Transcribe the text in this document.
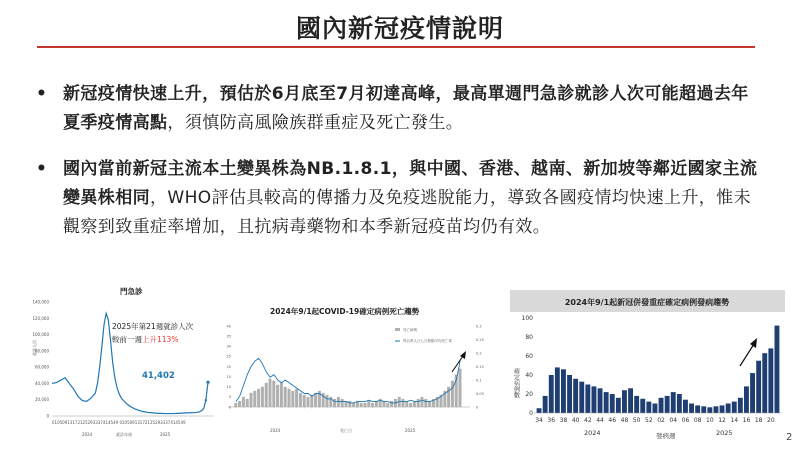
國內新冠疫情說明
• 新冠疫情快速上升，預估於6月底至7月初達高峰，最高單週門急診就診人次可能超過去年夏季疫情高點，須慎防高風險族群重症及死亡發生。
• 國內當前新冠主流本土變異株為NB.1.8.1，與中國、香港、越南、新加坡等鄰近國家主流變異株相同，WHO評估具較高的傳播力及免疫逃脫能力，導致各國疫情均快速上升，惟未觀察到致重症率增加，且抗病毒藥物和本季新冠疫苗均仍有效。
門急診
就診人次
0
20,000
40,000
60,000
80,000
100,000
120,000
140,000
01050913172125293337414549 01050913172125293337414549
2024	就診年週	2025
2025年第21週就診人次
較前一週上升113%
41,402
2024年9/1起COVID-19確定病例死亡趨勢
死亡病例
每百萬人口七日移動平均死亡率
0
5
10
15
20
25
30
35
40
0
0.05
0.1
0.15
0.2
0.25
0.3
2024	死亡日	2025
2024年9/1起新冠併發重症確定病例發病趨勢
0
20
40
60
80
100
確定病例數
34 36 38 40 42 44 46 48 50 52 02 04 06 08 10 12 14 16 18 20
2024	發病週	2025	2
